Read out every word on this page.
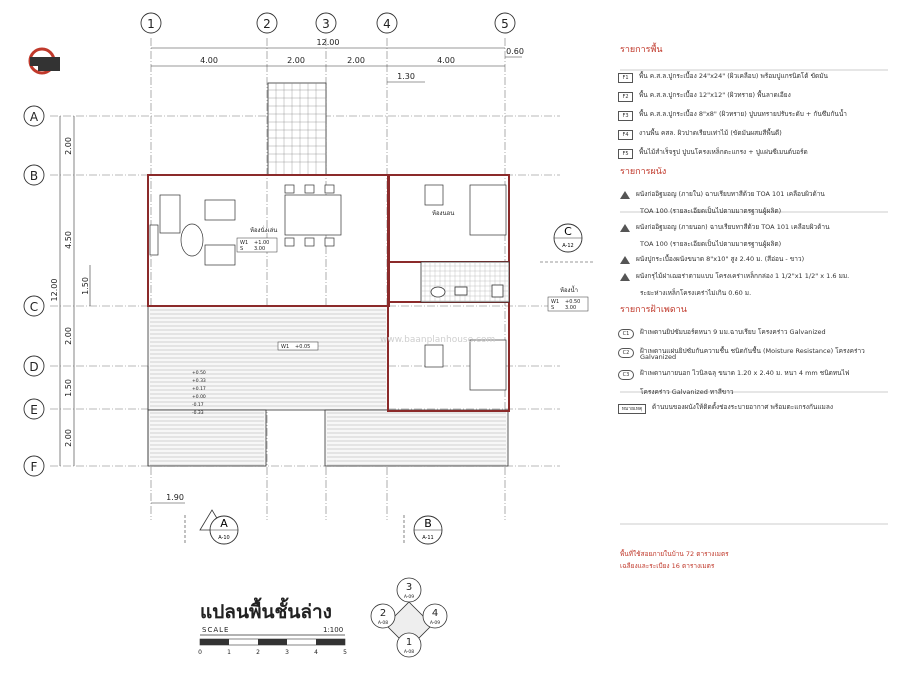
1	2	3	4	5
A
B
C
D
E
F
12.00
4.00	2.00	2.00	4.00
0.60
1.30
1.90
2.00
4.50
2.00
1.50
2.00
12.00	1.50
W1 +1.00
S 3.00
W1 +0.05
W1 +0.50
S 3.00
ห้องนั่งเล่น
ห้องน้ำ
ห้องนอน
+0.50
+0.33
+0.17
+0.00
-0.17
-0.33
www.baanplanhouse.com
A
A-10
B
A-11
C
A-12
3
A-09
2
A-08
4
A-09
1
A-08
0	1	2	3	4	5
แปลนพื้นชั้นล่าง
SCALE	1:100
รายการพื้น
F1	พื้น ค.ส.ล.ปูกระเบื้อง 24"x24" (ผิวเคลือบ) พร้อมปูแกรนิตโต้ ขัดมัน
F2	พื้น ค.ส.ล.ปูกระเบื้อง 12"x12" (ผิวทราย) พื้นลาดเอียง
F3	พื้น ค.ส.ล.ปูกระเบื้อง 8"x8" (ผิวทราย) ปูบนทรายปรับระดับ + กันซึมกันน้ำ
F4	งานพื้น คสล. ผิวปาดเรียบเท่าไม้ (ขัดมันผสมสีพื้นดี)
F5	พื้นไม้สำเร็จรูป ปูบนโครงเหล็กตะแกรง + ปูแผ่นซีเมนต์บอร์ด
รายการผนัง
ผนังก่ออิฐมอญ (ภายใน) ฉาบเรียบทาสีด้วย TOA 101 เคลือบผิวด้าน
TOA 100 (รายละเอียดเป็นไปตามมาตรฐานผู้ผลิต)
ผนังก่ออิฐมอญ (ภายนอก) ฉาบเรียบทาสีด้วย TOA 101 เคลือบผิวด้าน
TOA 100 (รายละเอียดเป็นไปตามมาตรฐานผู้ผลิต)
ผนังปูกระเบื้องผนังขนาด 8"x10" สูง 2.40 ม. (สีอ่อน - ขาว)
ผนังกรุไม้ฝาเฌอร่าตามแบบ โครงเคร่าเหล็กกล่อง 1 1/2"x1 1/2" x 1.6 มม.
ระยะห่างเหล็กโครงเคร่าไม่เกิน 0.60 ม.
รายการฝ้าเพดาน
C1	ฝ้าเพดานยิปซัมบอร์ดหนา 9 มม.ฉาบเรียบ โครงคร่าว Galvanized
C2	ฝ้าเพดานแผ่นยิปซัมกันความชื้น ชนิดกันชื้น (Moisture Resistance) โครงคร่าว Galvanized
C3	ฝ้าเพดานภายนอก ไวนิลฉลุ ขนาด 1.20 x 2.40 ม. หนา 4 mm ชนิดทนไฟ
โครงคร่าว Galvanized ทาสีขาว
หมายเหตุ	ด้านบนของผนังให้ติดตั้งช่องระบายอากาศ พร้อมตะแกรงกันแมลง
พื้นที่ใช้สอยภายในบ้าน 72 ตารางเมตร
เฉลียงและระเบียง 16 ตารางเมตร
